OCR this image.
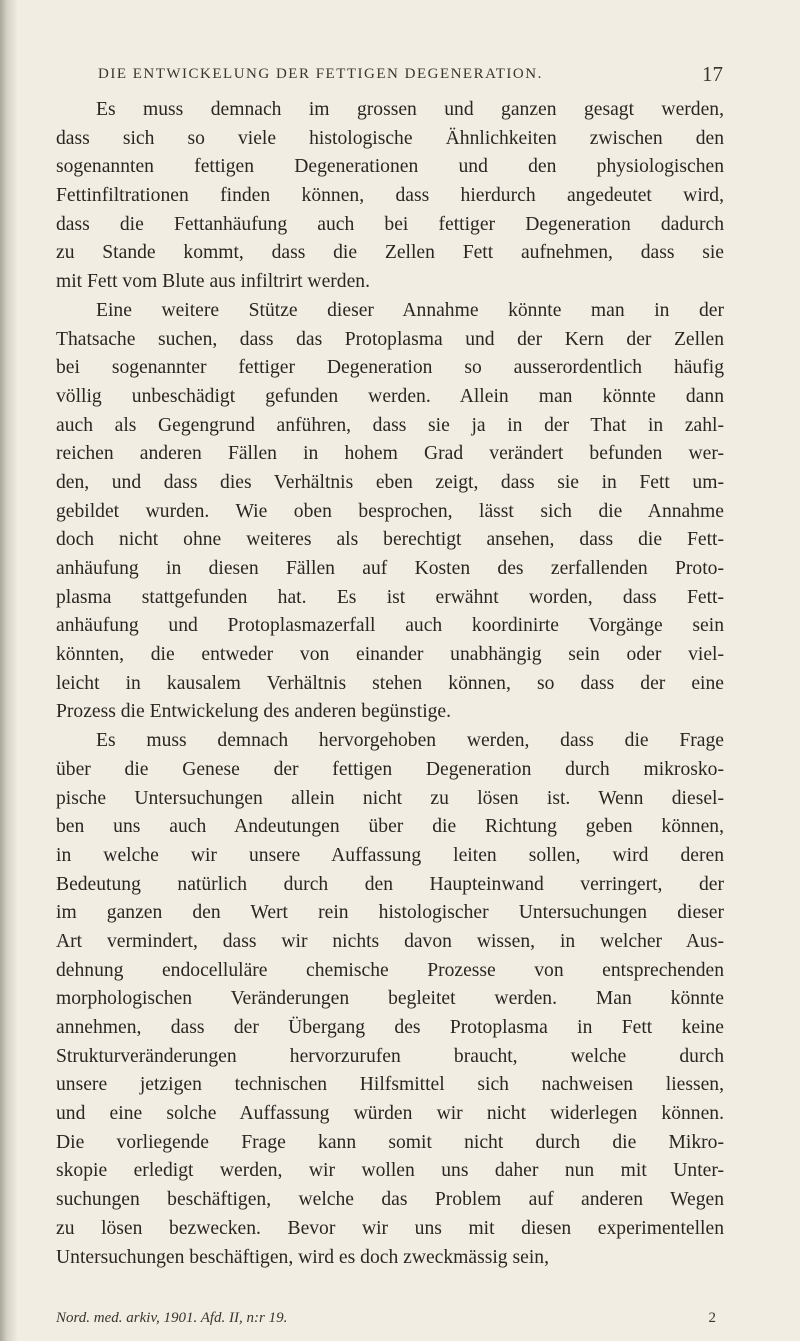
DIE ENTWICKELUNG DER FETTIGEN DEGENERATION.	17
Es muss demnach im grossen und ganzen gesagt werden,
dass sich so viele histologische Ähnlichkeiten zwischen den
sogenannten fettigen Degenerationen und den physiologischen
Fettinfiltrationen finden können, dass hierdurch angedeutet wird,
dass die Fettanhäufung auch bei fettiger Degeneration dadurch
zu Stande kommt, dass die Zellen Fett aufnehmen, dass sie
mit Fett vom Blute aus infiltrirt werden.
Eine weitere Stütze dieser Annahme könnte man in der
Thatsache suchen, dass das Protoplasma und der Kern der Zellen
bei sogenannter fettiger Degeneration so ausserordentlich häufig
völlig unbeschädigt gefunden werden. Allein man könnte dann
auch als Gegengrund anführen, dass sie ja in der That in zahl-
reichen anderen Fällen in hohem Grad verändert befunden wer-
den, und dass dies Verhältnis eben zeigt, dass sie in Fett um-
gebildet wurden. Wie oben besprochen, lässt sich die Annahme
doch nicht ohne weiteres als berechtigt ansehen, dass die Fett-
anhäufung in diesen Fällen auf Kosten des zerfallenden Proto-
plasma stattgefunden hat. Es ist erwähnt worden, dass Fett-
anhäufung und Protoplasmazerfall auch koordinirte Vorgänge sein
könnten, die entweder von einander unabhängig sein oder viel-
leicht in kausalem Verhältnis stehen können, so dass der eine
Prozess die Entwickelung des anderen begünstige.
Es muss demnach hervorgehoben werden, dass die Frage
über die Genese der fettigen Degeneration durch mikrosko-
pische Untersuchungen allein nicht zu lösen ist. Wenn diesel-
ben uns auch Andeutungen über die Richtung geben können,
in welche wir unsere Auffassung leiten sollen, wird deren
Bedeutung natürlich durch den Haupteinwand verringert, der
im ganzen den Wert rein histologischer Untersuchungen dieser
Art vermindert, dass wir nichts davon wissen, in welcher Aus-
dehnung endocelluläre chemische Prozesse von entsprechenden
morphologischen Veränderungen begleitet werden. Man könnte
annehmen, dass der Übergang des Protoplasma in Fett keine
Strukturveränderungen hervorzurufen braucht, welche durch
unsere jetzigen technischen Hilfsmittel sich nachweisen liessen,
und eine solche Auffassung würden wir nicht widerlegen können.
Die vorliegende Frage kann somit nicht durch die Mikro-
skopie erledigt werden, wir wollen uns daher nun mit Unter-
suchungen beschäftigen, welche das Problem auf anderen Wegen
zu lösen bezwecken. Bevor wir uns mit diesen experimentellen
Untersuchungen beschäftigen, wird es doch zweckmässig sein,
Nord. med. arkiv, 1901. Afd. II, n:r 19.	2
